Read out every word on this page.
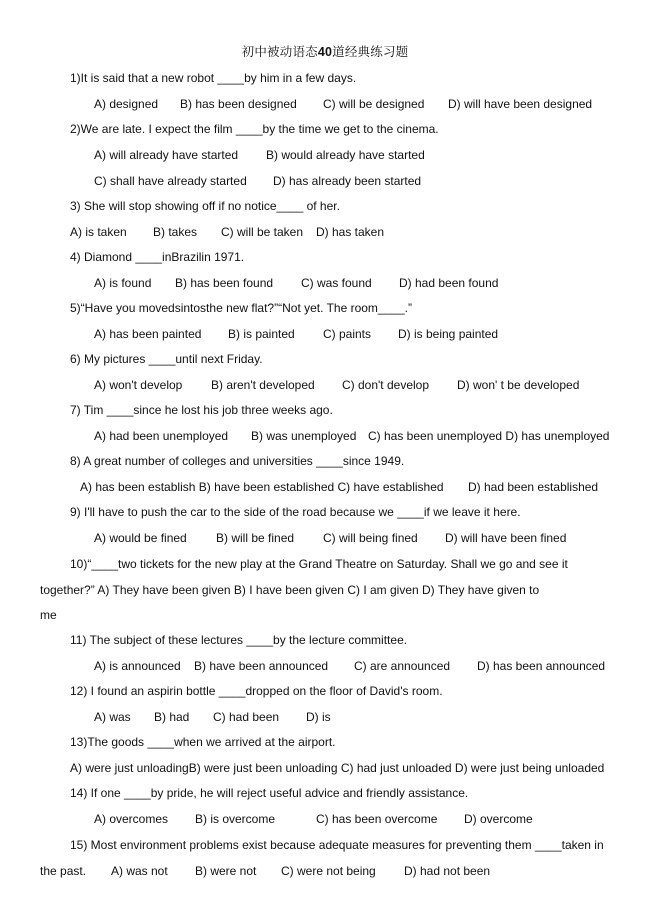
初中被动语态40道经典练习题
1)It is said that a new robot ____by him in a few days.
A) designed B) has been designed C) will be designed D) will have been designed
2)We are late. I expect the film ____by the time we get to the cinema.
A) will already have started B) would already have started
C) shall have already started D) has already been started
3) She will stop showing off if no notice____ of her.
A) is taken B) takes C) will be taken D) has taken
4) Diamond ____inBrazilin 1971.
A) is found B) has been found C) was found D) had been found
5)“Have you movedsintosthe new flat?”“Not yet. The room____.”
A) has been painted B) is painted C) paints D) is being painted
6) My pictures ____until next Friday.
A) won't develop B) aren't developed C) don't develop D) won' t be developed
7) Tim ____since he lost his job three weeks ago.
A) had been unemployed B) was unemployed C) has been unemployed D) has unemployed
8) A great number of colleges and universities ____since 1949.
A) has been establish B) have been established C) have established D) had been established
9) I'll have to push the car to the side of the road because we ____if we leave it here.
A) would be fined B) will be fined C) will being fined D) will have been fined
10)“____two tickets for the new play at the Grand Theatre on Saturday. Shall we go and see it
together?” A) They have been given B) I have been given C) I am given D) They have given to
me
11) The subject of these lectures ____by the lecture committee.
A) is announced B) have been announced C) are announced D) has been announced
12) I found an aspirin bottle ____dropped on the floor of David's room.
A) was B) had C) had been D) is
13)The goods ____when we arrived at the airport.
A) were just unloadingB) were just been unloading C) had just unloaded D) were just being unloaded
14) If one ____by pride, he will reject useful advice and friendly assistance.
A) overcomes B) is overcome	C) has been overcome D) overcome
15) Most environment problems exist because adequate measures for preventing them ____taken in
the past. A) was not B) were not C) were not being D) had not been
